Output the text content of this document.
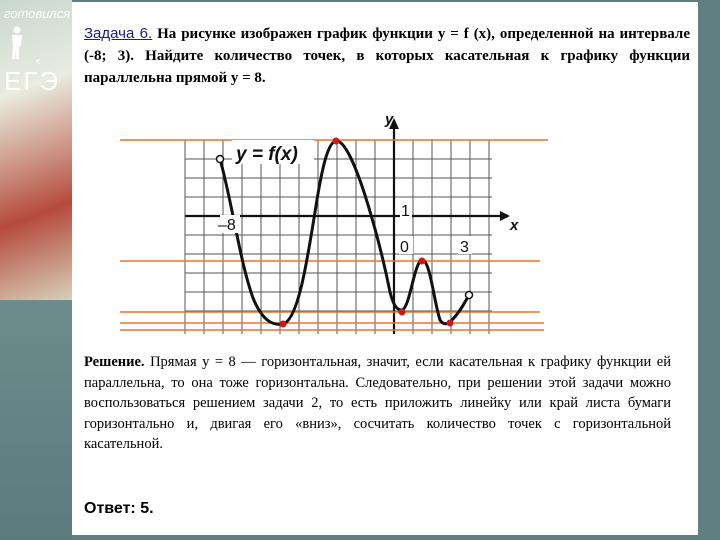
готовился
к
ЕГЭ
Задача 6. На рисунке изображен график функции y = f (x), определенной на интервале (-8; 3). Найдите количество точек, в которых касательная к графику функции параллельна прямой y = 8.
y = f(x)
y
x
–8
1
0	3
Решение. Прямая y = 8 — горизонтальная, значит, если касательная к графику функции ей параллельна, то она тоже горизонтальна. Следовательно, при решении этой задачи можно воспользоваться решением задачи 2, то есть приложить линейку или край листа бумаги горизонтально и, двигая его «вниз», сосчитать количество точек с горизонтальной касательной.
Ответ: 5.
